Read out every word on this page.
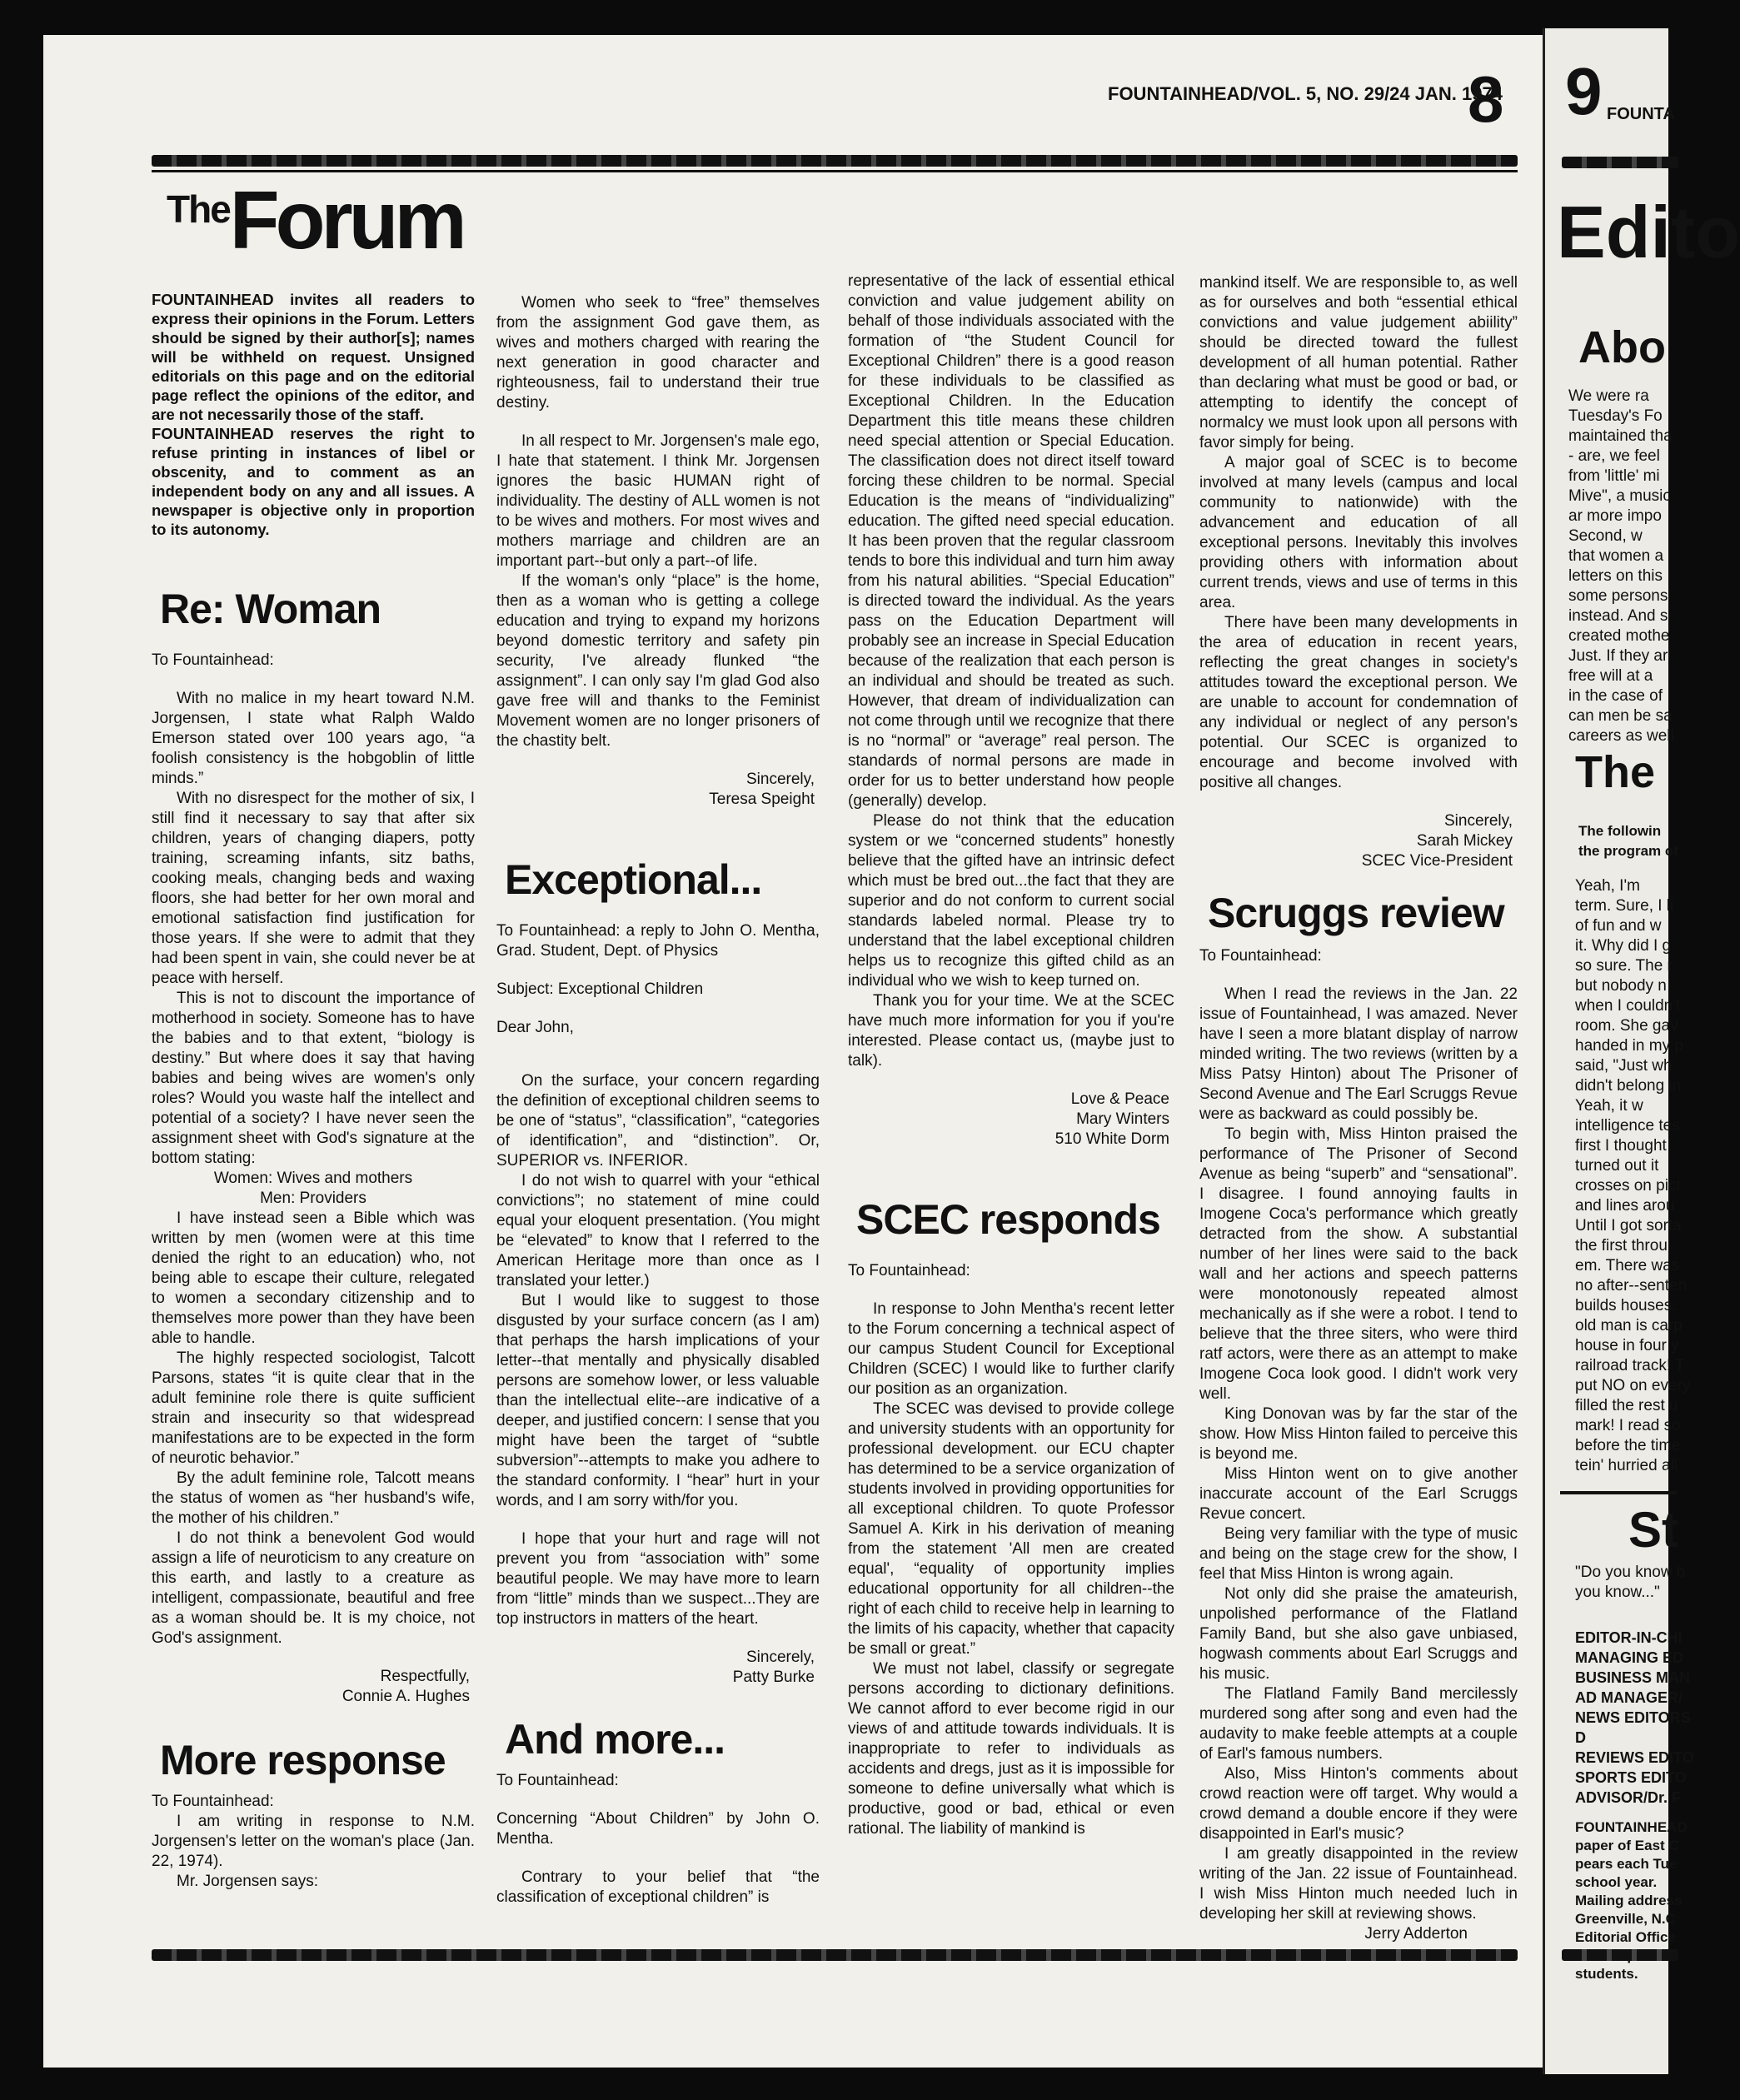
FOUNTAINHEAD/VOL. 5, NO. 29/24 JAN. 1974
8
TheForum

FOUNTAINHEAD invites all readers to express their opinions in the Forum. Letters should be signed by their author[s]; names will be withheld on request. Unsigned editorials on this page and on the editorial page reflect the opinions of the editor, and are not necessarily those of the staff.

FOUNTAINHEAD reserves the right to refuse printing in instances of libel or obscenity, and to comment as an independent body on any and all issues. A newspaper is objective only in proportion to its autonomy.

Re: Woman

To Fountainhead:

With no malice in my heart toward N.M. Jorgensen, I state what Ralph Waldo Emerson stated over 100 years ago, “a foolish consistency is the hobgoblin of little minds.”

With no disrespect for the mother of six, I still find it necessary to say that after six children, years of changing diapers, potty training, screaming infants, sitz baths, cooking meals, changing beds and waxing floors, she had better for her own moral and emotional satisfaction find justification for those years. If she were to admit that they had been spent in vain, she could never be at peace with herself.

This is not to discount the importance of motherhood in society. Someone has to have the babies and to that extent, “biology is destiny.” But where does it say that having babies and being wives are women's only roles? Would you waste half the intellect and potential of a society? I have never seen the assignment sheet with God's signature at the bottom stating:

Women: Wives and mothers

Men: Providers

I have instead seen a Bible which was written by men (women were at this time denied the right to an education) who, not being able to escape their culture, relegated to women a secondary citizenship and to themselves more power than they have been able to handle.

The highly respected sociologist, Talcott Parsons, states “it is quite clear that in the adult feminine role there is quite sufficient strain and insecurity so that widespread manifestations are to be expected in the form of neurotic behavior.”

By the adult feminine role, Talcott means the status of women as “her husband's wife, the mother of his children.”

I do not think a benevolent God would assign a life of neuroticism to any creature on this earth, and lastly to a creature as intelligent, compassionate, beautiful and free as a woman should be. It is my choice, not God's assignment.

Respectfully,

Connie A. Hughes

More response

To Fountainhead:

I am writing in response to N.M. Jorgensen's letter on the woman's place (Jan. 22, 1974).

Mr. Jorgensen says:

Women who seek to “free” themselves from the assignment God gave them, as wives and mothers charged with rearing the next generation in good character and righteousness, fail to understand their true destiny.

In all respect to Mr. Jorgensen's male ego, I hate that statement. I think Mr. Jorgensen ignores the basic HUMAN right of individuality. The destiny of ALL women is not to be wives and mothers. For most wives and mothers marriage and children are an important part--but only a part--of life.

If the woman's only “place” is the home, then as a woman who is getting a college education and trying to expand my horizons beyond domestic territory and safety pin security, I've already flunked “the assignment”. I can only say I'm glad God also gave free will and thanks to the Feminist Movement women are no longer prisoners of the chastity belt.

Sincerely,

Teresa Speight

Exceptional...

To Fountainhead: a reply to John O. Mentha, Grad. Student, Dept. of Physics

Subject: Exceptional Children

Dear John,

On the surface, your concern regarding the definition of exceptional children seems to be one of “status”, “classification”, “categories of identification”, and “distinction”. Or, SUPERIOR vs. INFERIOR.

I do not wish to quarrel with your “ethical convictions”; no statement of mine could equal your eloquent presentation. (You might be “elevated” to know that I referred to the American Heritage more than once as I translated your letter.)

But I would like to suggest to those disgusted by your surface concern (as I am) that perhaps the harsh implications of your letter--that mentally and physically disabled persons are somehow lower, or less valuable than the intellectual elite--are indicative of a deeper, and justified concern: I sense that you might have been the target of “subtle subversion”--attempts to make you adhere to the standard conformity. I “hear” hurt in your words, and I am sorry with/for you.

I hope that your hurt and rage will not prevent you from “association with” some beautiful people. We may have more to learn from “little” minds than we suspect...They are top instructors in matters of the heart.

Sincerely,

Patty Burke

And more...

To Fountainhead:

Concerning “About Children” by John O. Mentha.

Contrary to your belief that “the classification of exceptional children” is

representative of the lack of essential ethical conviction and value judgement ability on behalf of those individuals associated with the formation of “the Student Council for Exceptional Children” there is a good reason for these individuals to be classified as Exceptional Children. In the Education Department this title means these children need special attention or Special Education. The classification does not direct itself toward forcing these children to be normal. Special Education is the means of “individualizing” education. The gifted need special education. It has been proven that the regular classroom tends to bore this individual and turn him away from his natural abilities. “Special Education” is directed toward the individual. As the years pass on the Education Department will probably see an increase in Special Education because of the realization that each person is an individual and should be treated as such. However, that dream of individualization can not come through until we recognize that there is no “normal” or “average” real person. The standards of normal persons are made in order for us to better understand how people (generally) develop.

Please do not think that the education system or we “concerned students” honestly believe that the gifted have an intrinsic defect which must be bred out...the fact that they are superior and do not conform to current social standards labeled normal. Please try to understand that the label exceptional children helps us to recognize this gifted child as an individual who we wish to keep turned on.

Thank you for your time. We at the SCEC have much more information for you if you're interested. Please contact us, (maybe just to talk).

Love & Peace

Mary Winters

510 White Dorm

SCEC responds

To Fountainhead:

In response to John Mentha's recent letter to the Forum concerning a technical aspect of our campus Student Council for Exceptional Children (SCEC) I would like to further clarify our position as an organization.

The SCEC was devised to provide college and university students with an opportunity for professional development. our ECU chapter has determined to be a service organization of students involved in providing opportunities for all exceptional children. To quote Professor Samuel A. Kirk in his derivation of meaning from the statement 'All men are created equal', “equality of opportunity implies educational opportunity for all children--the right of each child to receive help in learning to the limits of his capacity, whether that capacity be small or great.”

We must not label, classify or segregate persons according to dictionary definitions. We cannot afford to ever become rigid in our views of and attitude towards individuals. It is inappropriate to refer to individuals as accidents and dregs, just as it is impossible for someone to define universally what which is productive, good or bad, ethical or even rational. The liability of mankind is

mankind itself. We are responsible to, as well as for ourselves and both “essential ethical convictions and value judgement abiility” should be directed toward the fullest development of all human potential. Rather than declaring what must be good or bad, or attempting to identify the concept of normalcy we must look upon all persons with favor simply for being.

A major goal of SCEC is to become involved at many levels (campus and local community to nationwide) with the advancement and education of all exceptional persons. Inevitably this involves providing others with information about current trends, views and use of terms in this area.

There have been many developments in the area of education in recent years, reflecting the great changes in society's attitudes toward the exceptional person. We are unable to account for condemnation of any individual or neglect of any person's potential. Our SCEC is organized to encourage and become involved with positive all changes.

Sincerely,

Sarah Mickey

SCEC Vice-President

Scruggs review

To Fountainhead:

When I read the reviews in the Jan. 22 issue of Fountainhead, I was amazed. Never have I seen a more blatant display of narrow minded writing. The two reviews (written by a Miss Patsy Hinton) about The Prisoner of Second Avenue and The Earl Scruggs Revue were as backward as could possibly be.

To begin with, Miss Hinton praised the performance of The Prisoner of Second Avenue as being “superb” and “sensational”. I disagree. I found annoying faults in Imogene Coca's performance which greatly detracted from the show. A substantial number of her lines were said to the back wall and her actions and speech patterns were monotonously repeated almost mechanically as if she were a robot. I tend to believe that the three siters, who were third ratf actors, were there as an attempt to make Imogene Coca look good. I didn't work very well.

King Donovan was by far the star of the show. How Miss Hinton failed to perceive this is beyond me.

Miss Hinton went on to give another inaccurate account of the Earl Scruggs Revue concert.

Being very familiar with the type of music and being on the stage crew for the show, I feel that Miss Hinton is wrong again.

Not only did she praise the amateurish, unpolished performance of the Flatland Family Band, but she also gave unbiased, hogwash comments about Earl Scruggs and his music.

The Flatland Family Band mercilessly murdered song after song and even had the audavity to make feeble attempts at a couple of Earl's famous numbers.

Also, Miss Hinton's comments about crowd reaction were off target. Why would a crowd demand a double encore if they were disappointed in Earl's music?

I am greatly disappointed in the review writing of the Jan. 22 issue of Fountainhead. I wish Miss Hinton much needed luch in developing her skill at reviewing shows.

Jerry Adderton

9 FOUNTA
Edito
Abo
We were ra
Tuesday's Fo
maintained tha
- are, we feel
from 'little' mi
Mive", a music
ar more impo
Second, w
that women a
letters on this
some persons
instead. And s
created mothe
Just. If they ar
free will at a
in the case of
can men be sa
careers as well
The
The followin
the program of
Yeah, I'm
term. Sure, I li
of fun and w
it. Why did I g
so sure. The r
but nobody n
when I couldn't
room. She gav
handed in my p
said, "Just wh
didn't belong in
Yeah, it w
intelligence tes
first I thought
turned out it
crosses on pict
and lines arou
Until I got sorta
the first throu
em. There was
no after--senten
builds houses.
old man is carp
house in four y
railroad track! T
put NO on every
filled the rest u
mark! I read so
before the time
tein' hurried all
St
"Do you know b
you know..."
EDITOR-IN-CHI
MANAGING ED
BUSINESS MAN
AD MANAGER/
NEWS EDITORS
D
REVIEWS EDITO
SPORTS EDITO
ADVISOR/Dr. F
FOUNTAINHEAD
paper of East C
pears each Tue
school year.
Mailing address
Greenville, N.C
Editorial Office
students.
